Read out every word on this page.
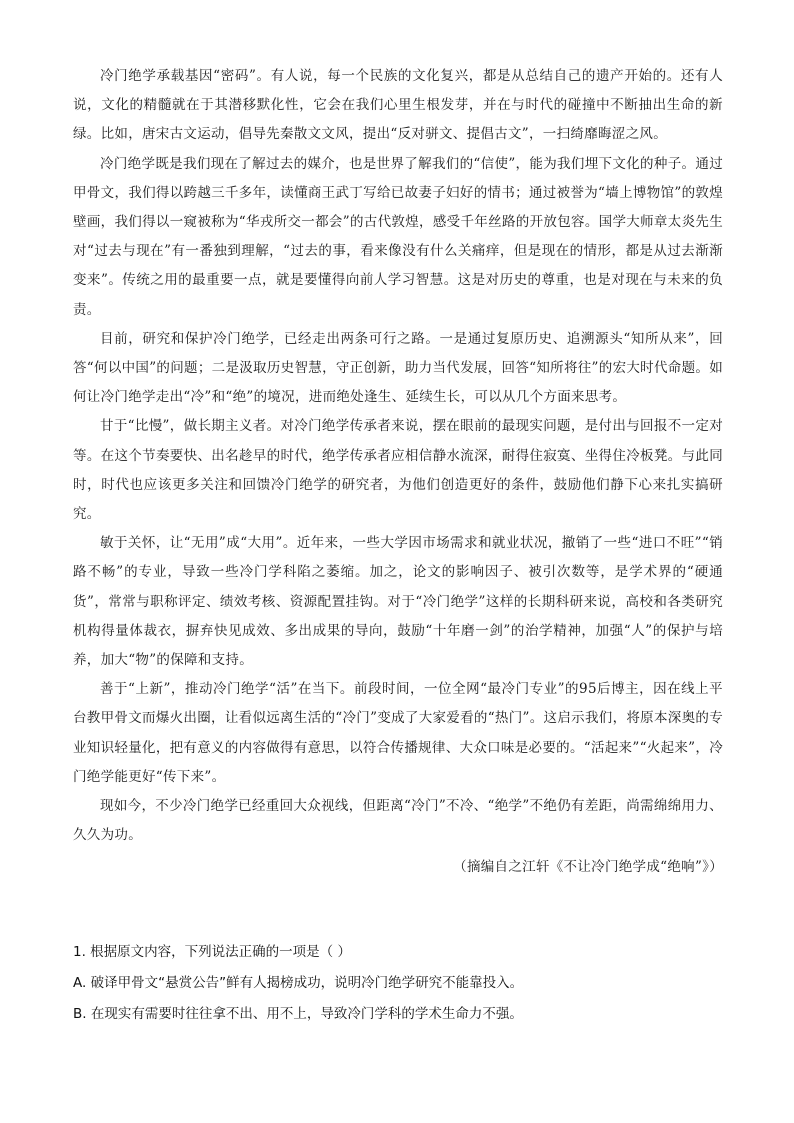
冷门绝学承载基因“密码”。有人说，每一个民族的文化复兴，都是从总结自己的遗产开始的。还有人说，文化的精髓就在于其潜移默化性，它会在我们心里生根发芽，并在与时代的碰撞中不断抽出生命的新绿。比如，唐宋古文运动，倡导先秦散文文风，提出“反对骈文、提倡古文”，一扫绮靡晦涩之风。

冷门绝学既是我们现在了解过去的媒介，也是世界了解我们的“信使”，能为我们埋下文化的种子。通过甲骨文，我们得以跨越三千多年，读懂商王武丁写给已故妻子妇好的情书；通过被誉为“墙上博物馆”的敦煌壁画，我们得以一窥被称为“华戎所交一都会”的古代敦煌，感受千年丝路的开放包容。国学大师章太炎先生对“过去与现在”有一番独到理解，“过去的事，看来像没有什么关痛痒，但是现在的情形，都是从过去渐渐变来”。传统之用的最重要一点，就是要懂得向前人学习智慧。这是对历史的尊重，也是对现在与未来的负责。

目前，研究和保护冷门绝学，已经走出两条可行之路。一是通过复原历史、追溯源头“知所从来”，回答“何以中国”的问题；二是汲取历史智慧，守正创新，助力当代发展，回答“知所将往”的宏大时代命题。如何让冷门绝学走出“冷”和“绝”的境况，进而绝处逢生、延续生长，可以从几个方面来思考。

甘于“比慢”，做长期主义者。对冷门绝学传承者来说，摆在眼前的最现实问题，是付出与回报不一定对等。在这个节奏要快、出名趁早的时代，绝学传承者应相信静水流深，耐得住寂寞、坐得住冷板凳。与此同时，时代也应该更多关注和回馈冷门绝学的研究者，为他们创造更好的条件，鼓励他们静下心来扎实搞研究。

敏于关怀，让“无用”成“大用”。近年来，一些大学因市场需求和就业状况，撤销了一些“进口不旺”“销路不畅”的专业，导致一些冷门学科陷之萎缩。加之，论文的影响因子、被引次数等，是学术界的“硬通货”，常常与职称评定、绩效考核、资源配置挂钩。对于“冷门绝学”这样的长期科研来说，高校和各类研究机构得量体裁衣，摒弃快见成效、多出成果的导向，鼓励“十年磨一剑”的治学精神，加强“人”的保护与培养，加大“物”的保障和支持。

善于“上新”，推动冷门绝学“活”在当下。前段时间，一位全网“最冷门专业”的95后博主，因在线上平台教甲骨文而爆火出圈，让看似远离生活的“冷门”变成了大家爱看的“热门”。这启示我们，将原本深奥的专业知识轻量化，把有意义的内容做得有意思，以符合传播规律、大众口味是必要的。“活起来”“火起来”，冷门绝学能更好“传下来”。

现如今，不少冷门绝学已经重回大众视线，但距离“冷门”不冷、“绝学”不绝仍有差距，尚需绵绵用力、久久为功。

（摘编自之江轩《不让冷门绝学成“绝响”》）

1. 根据原文内容，下列说法正确的一项是（ ）

A. 破译甲骨文“悬赏公告”鲜有人揭榜成功，说明冷门绝学研究不能靠投入。

B. 在现实有需要时往往拿不出、用不上，导致冷门学科的学术生命力不强。
